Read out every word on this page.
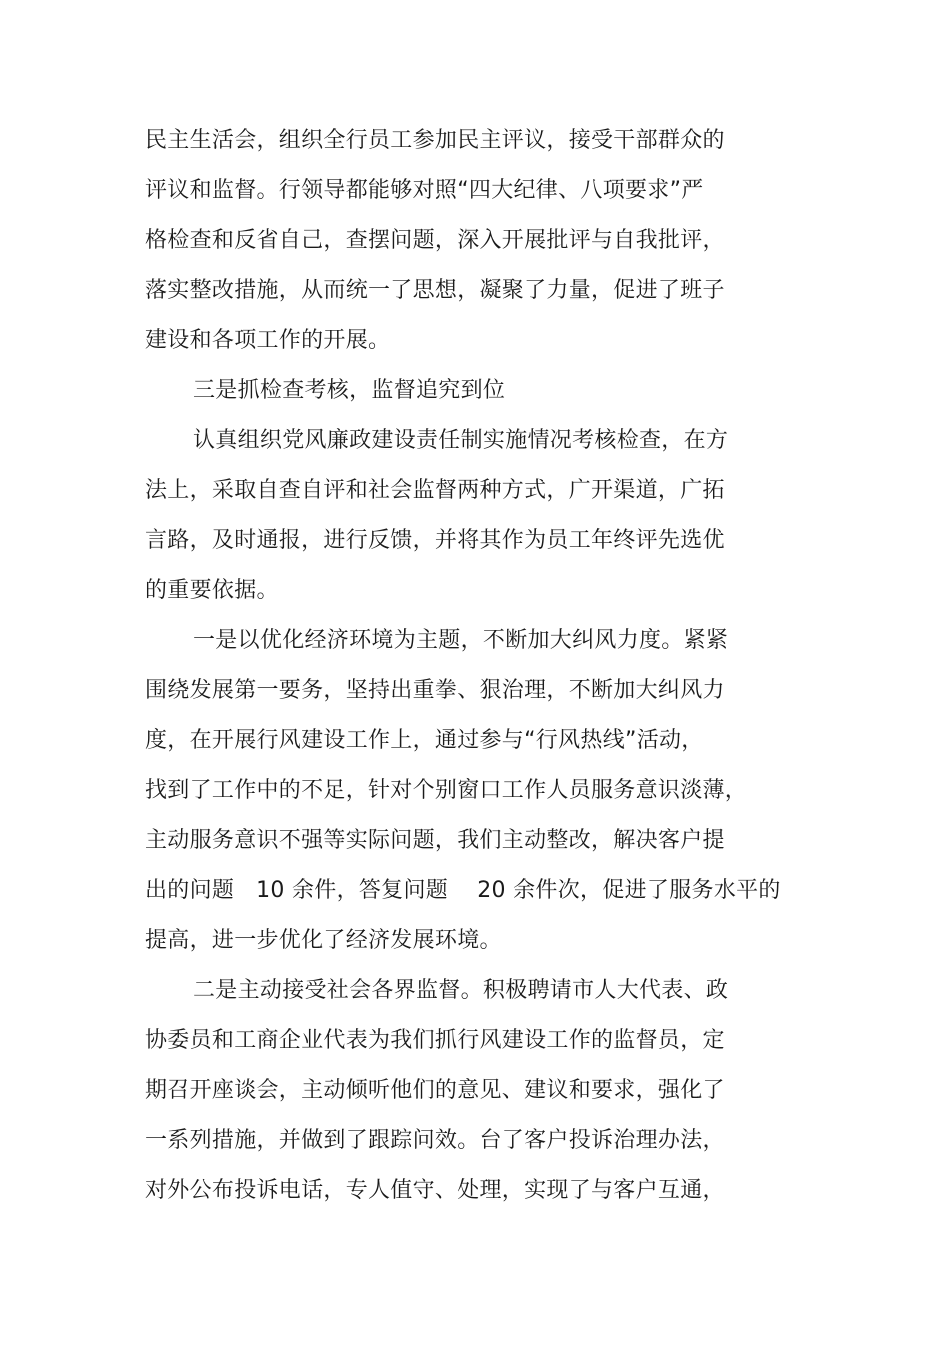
民主生活会，组织全行员工参加民主评议，接受干部群众的
评议和监督。行领导都能够对照“四大纪律、八项要求”严
格检查和反省自己，查摆问题，深入开展批评与自我批评，
落实整改措施，从而统一了思想，凝聚了力量，促进了班子
建设和各项工作的开展。
三是抓检查考核，监督追究到位
认真组织党风廉政建设责任制实施情况考核检查，在方
法上，采取自查自评和社会监督两种方式，广开渠道，广拓
言路，及时通报，进行反馈，并将其作为员工年终评先选优
的重要依据。
一是以优化经济环境为主题，不断加大纠风力度。紧紧
围绕发展第一要务，坚持出重拳、狠治理，不断加大纠风力
度，在开展行风建设工作上，通过参与“行风热线”活动，
找到了工作中的不足，针对个别窗口工作人员服务意识淡薄，
主动服务意识不强等实际问题，我们主动整改，解决客户提
出的问题   10 余件，答复问题    20 余件次，促进了服务水平的
提高，进一步优化了经济发展环境。
二是主动接受社会各界监督。积极聘请市人大代表、政
协委员和工商企业代表为我们抓行风建设工作的监督员，定
期召开座谈会，主动倾听他们的意见、建议和要求，强化了
一系列措施，并做到了跟踪问效。台了客户投诉治理办法，
对外公布投诉电话，专人值守、处理，实现了与客户互通，
